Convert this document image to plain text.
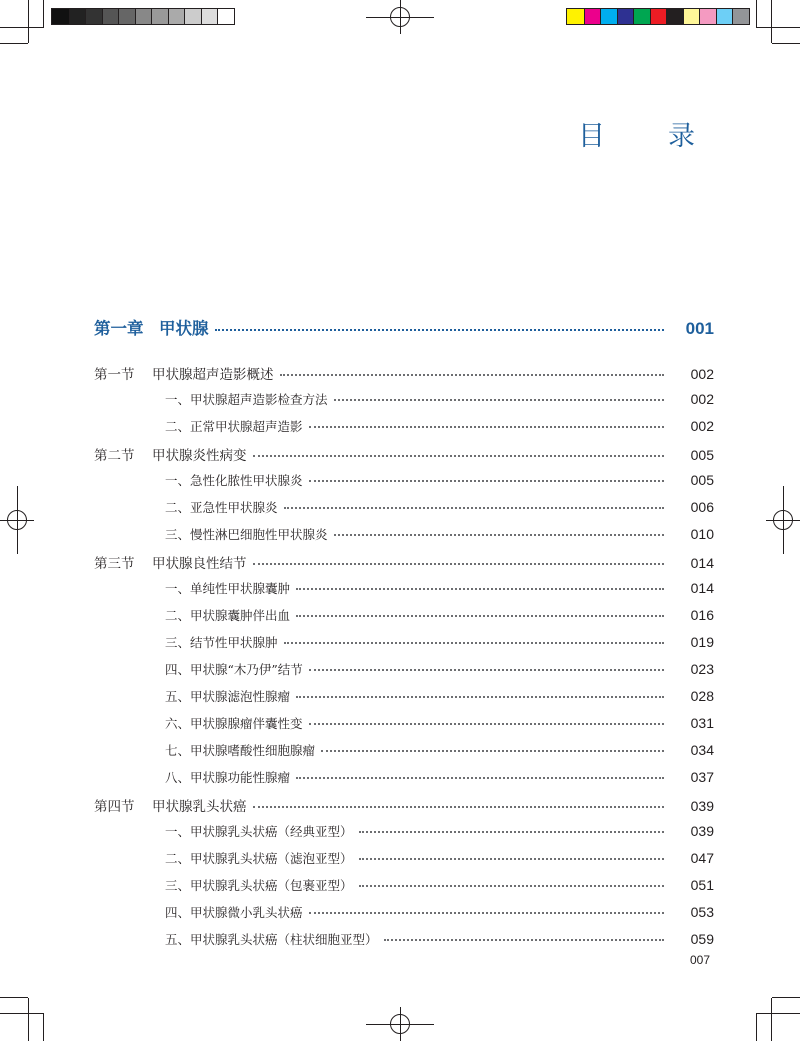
目　录
第一章 甲状腺	001
第一节	甲状腺超声造影概述	002
一、甲状腺超声造影检查方法	002
二、正常甲状腺超声造影	002
第二节	甲状腺炎性病变	005
一、急性化脓性甲状腺炎	005
二、亚急性甲状腺炎	006
三、慢性淋巴细胞性甲状腺炎	010
第三节	甲状腺良性结节	014
一、单纯性甲状腺囊肿	014
二、甲状腺囊肿伴出血	016
三、结节性甲状腺肿	019
四、甲状腺“木乃伊”结节	023
五、甲状腺滤泡性腺瘤	028
六、甲状腺腺瘤伴囊性变	031
七、甲状腺嗜酸性细胞腺瘤	034
八、甲状腺功能性腺瘤	037
第四节	甲状腺乳头状癌	039
一、甲状腺乳头状癌（经典亚型）	039
二、甲状腺乳头状癌（滤泡亚型）	047
三、甲状腺乳头状癌（包裹亚型）	051
四、甲状腺微小乳头状癌	053
五、甲状腺乳头状癌（柱状细胞亚型）	059
007
